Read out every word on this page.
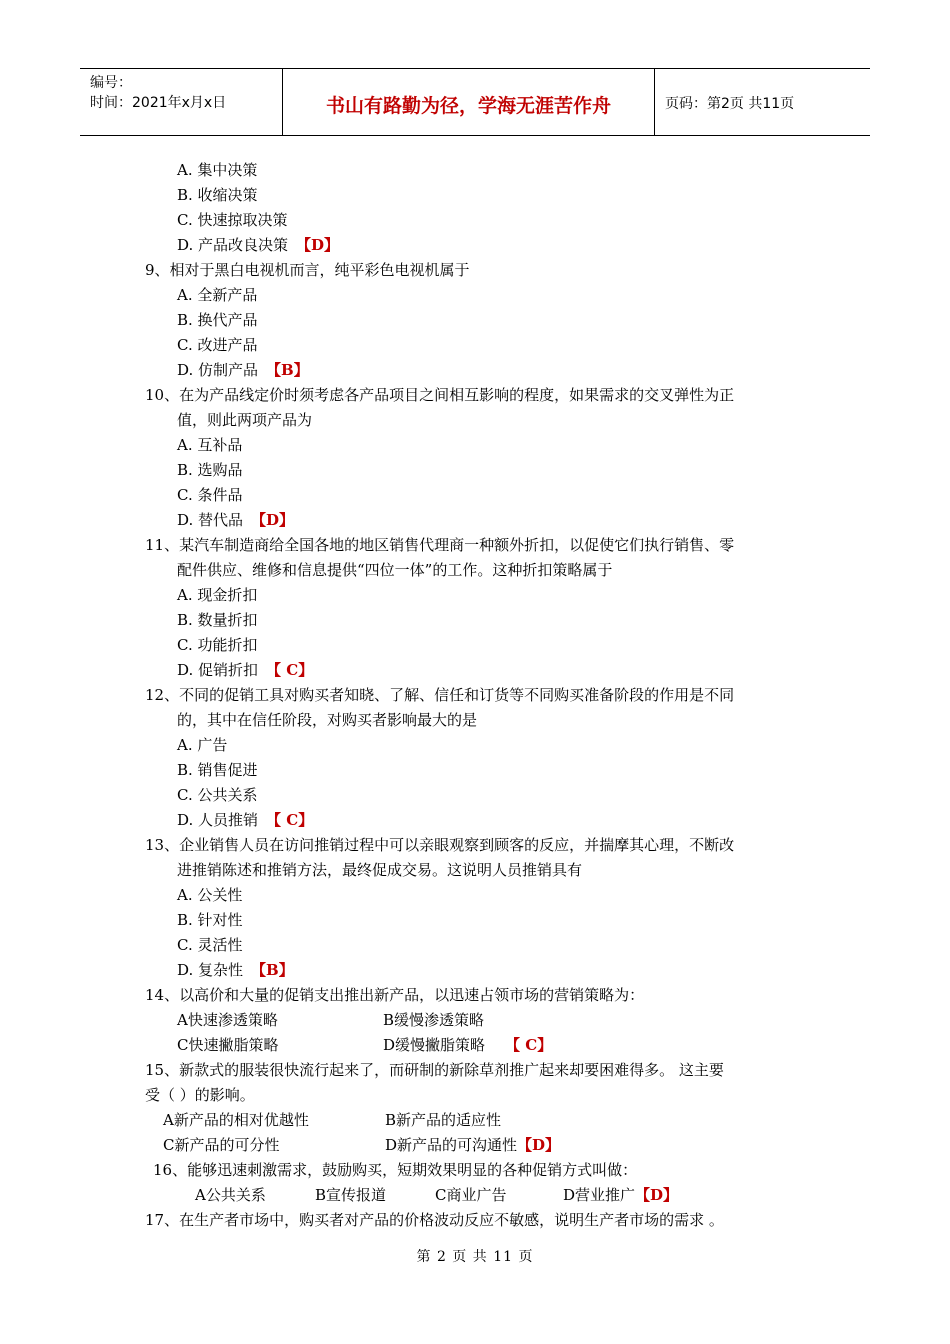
编号：
时间：2021年x月x日	书山有路勤为径，学海无涯苦作舟	页码：第2页 共11页
A. 集中决策
B. 收缩决策
C. 快速掠取决策
D. 产品改良决策 【D】
9、相对于黑白电视机而言，纯平彩色电视机属于
A. 全新产品
B. 换代产品
C. 改进产品
D. 仿制产品 【B】
10、在为产品线定价时须考虑各产品项目之间相互影响的程度，如果需求的交叉弹性为正
值，则此两项产品为
A. 互补品
B. 选购品
C. 条件品
D. 替代品 【D】
11、某汽车制造商给全国各地的地区销售代理商一种额外折扣，以促使它们执行销售、零
配件供应、维修和信息提供“四位一体”的工作。这种折扣策略属于
A. 现金折扣
B. 数量折扣
C. 功能折扣
D. 促销折扣 【 C】
12、不同的促销工具对购买者知晓、了解、信任和订货等不同购买准备阶段的作用是不同
的，其中在信任阶段，对购买者影响最大的是
A. 广告
B. 销售促进
C. 公共关系
D. 人员推销 【 C】
13、企业销售人员在访问推销过程中可以亲眼观察到顾客的反应，并揣摩其心理，不断改
进推销陈述和推销方法，最终促成交易。这说明人员推销具有
A. 公关性
B. 针对性
C. 灵活性
D. 复杂性 【B】
14、以高价和大量的促销支出推出新产品，以迅速占领市场的营销策略为：
A快速渗透策略	B缓慢渗透策略
C快速撇脂策略	D缓慢撇脂策略 【 C】
15、新款式的服装很快流行起来了，而研制的新除草剂推广起来却要困难得多。 这主要
受（ ）的影响。
A新产品的相对优越性	B新产品的适应性
C新产品的可分性	D新产品的可沟通性 【D】
16、能够迅速刺激需求，鼓励购买，短期效果明显的各种促销方式叫做：
A公共关系	B宣传报道	C商业广告	D营业推广 【D】
17、在生产者市场中，购买者对产品的价格波动反应不敏感，说明生产者市场的需求 。
第 2 页 共 11 页
